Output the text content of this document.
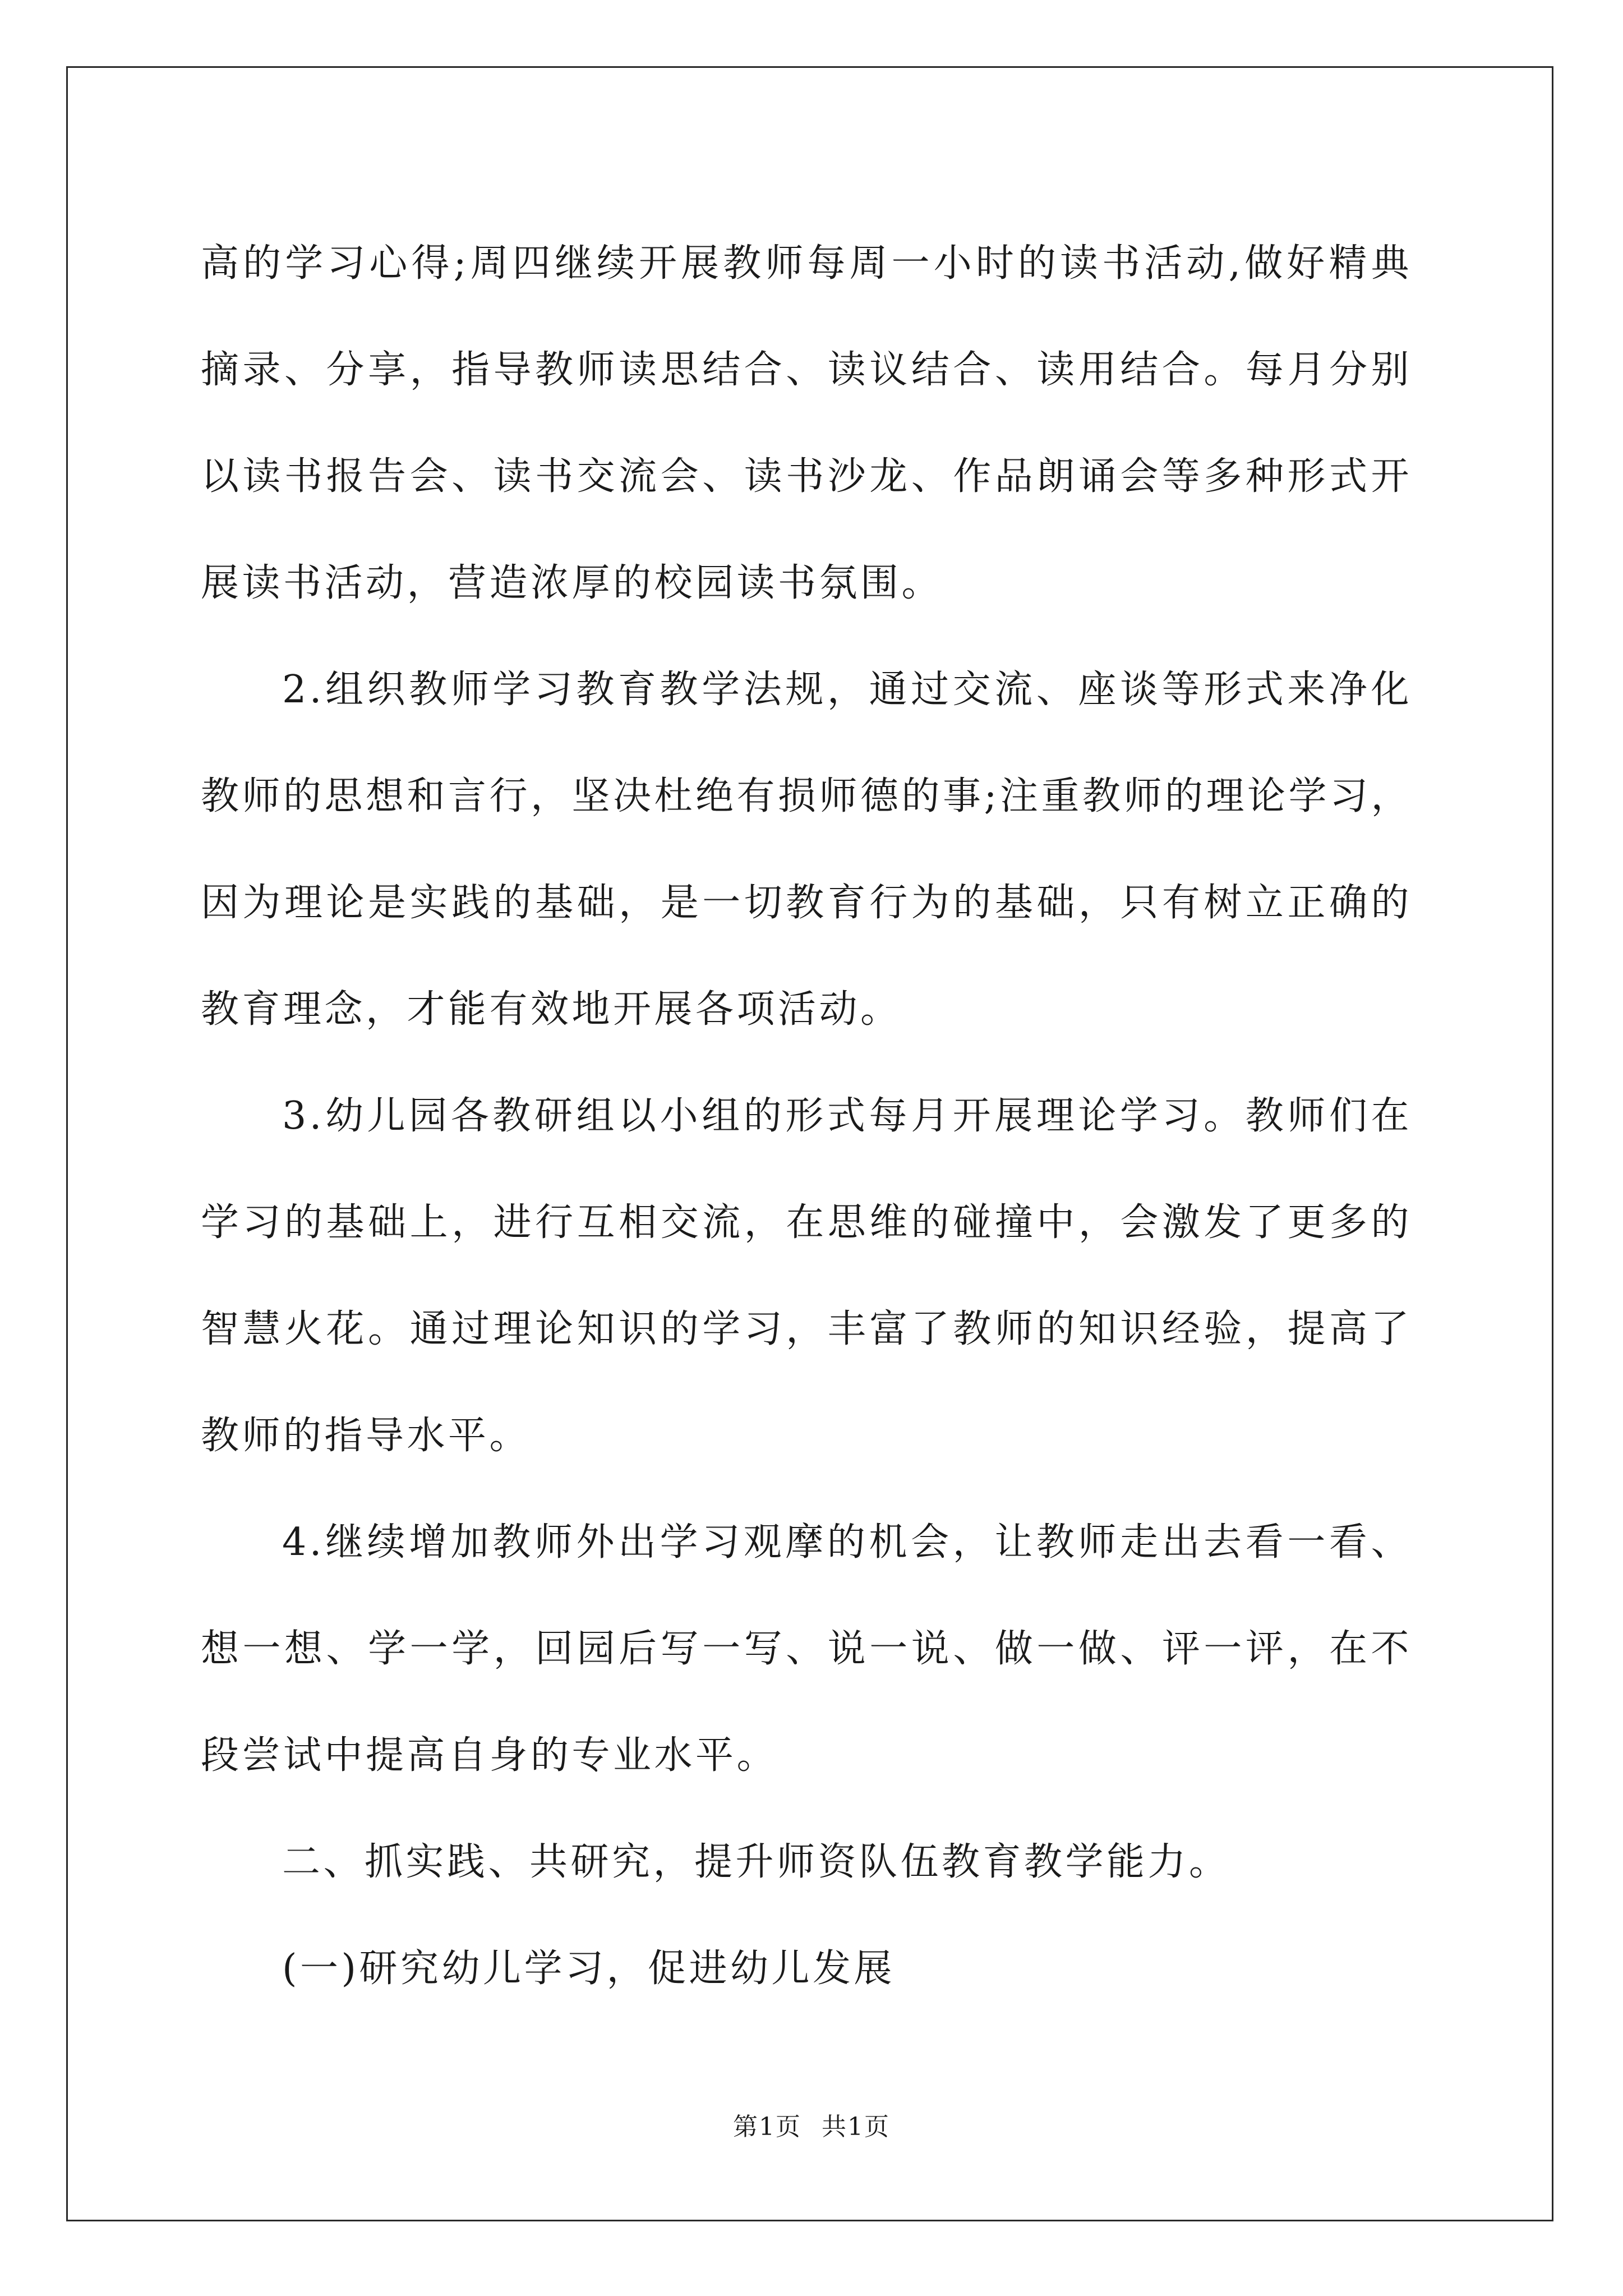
高的学习心得;周四继续开展教师每周一小时的读书活动,做好精典摘录、分享，指导教师读思结合、读议结合、读用结合。每月分别以读书报告会、读书交流会、读书沙龙、作品朗诵会等多种形式开展读书活动，营造浓厚的校园读书氛围。

2.组织教师学习教育教学法规，通过交流、座谈等形式来净化教师的思想和言行，坚决杜绝有损师德的事;注重教师的理论学习，因为理论是实践的基础，是一切教育行为的基础，只有树立正确的教育理念，才能有效地开展各项活动。

3.幼儿园各教研组以小组的形式每月开展理论学习。教师们在学习的基础上，进行互相交流，在思维的碰撞中，会激发了更多的智慧火花。通过理论知识的学习，丰富了教师的知识经验，提高了教师的指导水平。

4.继续增加教师外出学习观摩的机会，让教师走出去看一看、想一想、学一学，回园后写一写、说一说、做一做、评一评，在不段尝试中提高自身的专业水平。

二、抓实践、共研究，提升师资队伍教育教学能力。

(一)研究幼儿学习，促进幼儿发展

第1页 共1页
